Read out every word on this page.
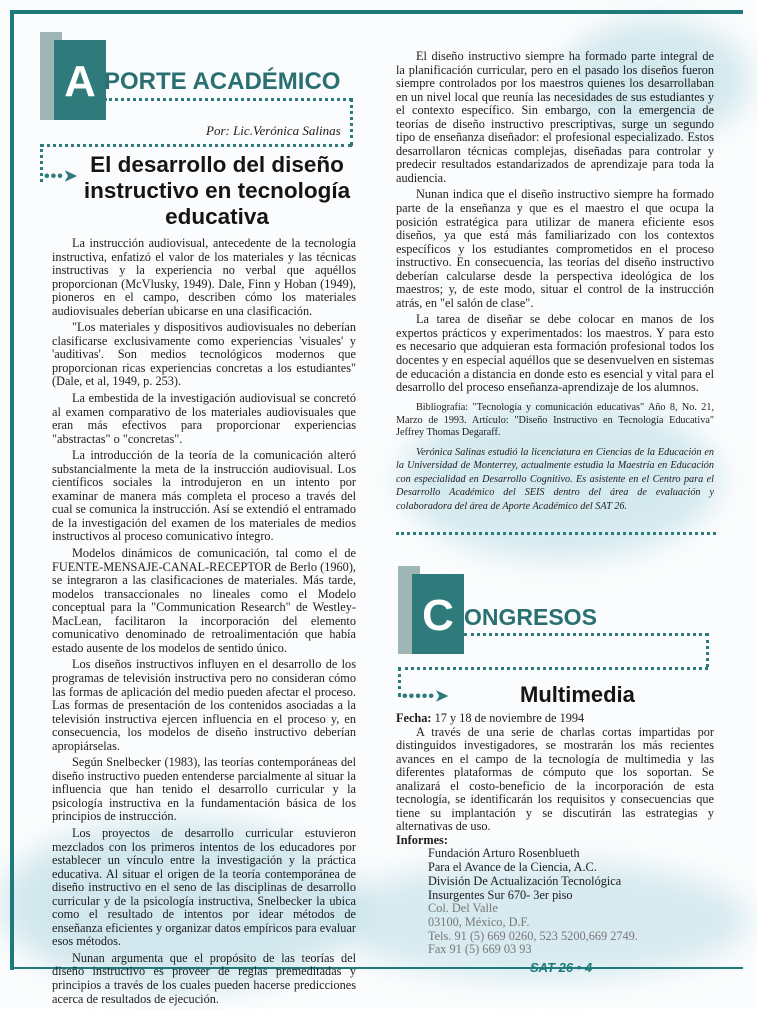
A PORTE ACADÉMICO
Por: Lic.Verónica Salinas
•••➤ El desarrollo del diseño
instructivo en tecnología
educativa

La instrucción audiovisual, antecedente de la tecnología instructiva, enfatizó el valor de los materiales y las técnicas instructivas y la experiencia no verbal que aquéllos proporcionan (McVlusky, 1949). Dale, Finn y Hoban (1949), pioneros en el campo, describen cómo los materiales audiovisuales deberían ubicarse en una clasificación.

"Los materiales y dispositivos audiovisuales no deberían clasificarse exclusivamente como experiencias 'visuales' y 'auditivas'. Son medios tecnológicos modernos que proporcionan ricas experiencias concretas a los estudiantes" (Dale, et al, 1949, p. 253).

La embestida de la investigación audiovisual se concretó al examen comparativo de los materiales audiovisuales que eran más efectivos para proporcionar experiencias "abstractas" o "concretas".

La introducción de la teoría de la comunicación alteró substancialmente la meta de la instrucción audiovisual. Los científicos sociales la introdujeron en un intento por examinar de manera más completa el proceso a través del cual se comunica la instrucción. Así se extendió el entramado de la investigación del examen de los materiales de medios instructivos al proceso comunicativo íntegro.

Modelos dinámicos de comunicación, tal como el de FUENTE-MENSAJE-CANAL-RECEPTOR de Berlo (1960), se integraron a las clasificaciones de materiales. Más tarde, modelos transaccionales no lineales como el Modelo conceptual para la "Communication Research" de Westley-MacLean, facilitaron la incorporación del elemento comunicativo denominado de retroalimentación que había estado ausente de los modelos de sentido único.

Los diseños instructivos influyen en el desarrollo de los programas de televisión instructiva pero no consideran cómo las formas de aplicación del medio pueden afectar el proceso. Las formas de presentación de los contenidos asociadas a la televisión instructiva ejercen influencia en el proceso y, en consecuencia, los modelos de diseño instructivo deberían apropiárselas.

Según Snelbecker (1983), las teorías contemporáneas del diseño instructivo pueden entenderse parcialmente al situar la influencia que han tenido el desarrollo curricular y la psicología instructiva en la fundamentación básica de los principios de instrucción.

Los proyectos de desarrollo curricular estuvieron mezclados con los primeros intentos de los educadores por establecer un vínculo entre la investigación y la práctica educativa. Al situar el origen de la teoría contemporánea de diseño instructivo en el seno de las disciplinas de desarrollo curricular y de la psicología instructiva, Snelbecker la ubica como el resultado de intentos por idear métodos de enseñanza eficientes y organizar datos empíricos para evaluar esos métodos.

Nunan argumenta que el propósito de las teorías del diseño instructivo es proveer de reglas premeditadas y principios a través de los cuales pueden hacerse predicciones acerca de resultados de ejecución.

El diseño instructivo siempre ha formado parte integral de la planificación curricular, pero en el pasado los diseños fueron siempre controlados por los maestros quienes los desarrollaban en un nivel local que reunía las necesidades de sus estudiantes y el contexto específico. Sin embargo, con la emergencia de teorías de diseño instructivo prescriptivas, surge un segundo tipo de enseñanza diseñador: el profesional especializado. Estos desarrollaron técnicas complejas, diseñadas para controlar y predecir resultados estandarizados de aprendizaje para toda la audiencia.

Nunan indica que el diseño instructivo siempre ha formado parte de la enseñanza y que es el maestro el que ocupa la posición estratégica para utilizar de manera eficiente esos diseños, ya que está más familiarizado con los contextos específicos y los estudiantes comprometidos en el proceso instructivo. En consecuencia, las teorías del diseño instructivo deberían calcularse desde la perspectiva ideológica de los maestros; y, de este modo, situar el control de la instrucción atrás, en "el salón de clase".

La tarea de diseñar se debe colocar en manos de los expertos prácticos y experimentados: los maestros. Y para esto es necesario que adquieran esta formación profesional todos los docentes y en especial aquéllos que se desenvuelven en sistemas de educación a distancia en donde esto es esencial y vital para el desarrollo del proceso enseñanza-aprendizaje de los alumnos.

Bibliografía: "Tecnología y comunicación educativas" Año 8, No. 21, Marzo de 1993. Artículo: "Diseño Instructivo en Tecnología Educativa" Jeffrey Thomas Degaraff.
Verónica Salinas estudió la licenciatura en Ciencias de la Educación en la Universidad de Monterrey, actualmente estudia la Maestría en Educación con especialidad en Desarrollo Cognitivo. Es asistente en el Centro para el Desarrollo Académico del SEIS dentro del área de evaluación y colaboradora del área de Aporte Académico del SAT 26.
C ONGRESOS
•••••➤	Multimedia
Fecha: 17 y 18 de noviembre de 1994

A través de una serie de charlas cortas impartidas por distinguidos investigadores, se mostrarán los más recientes avances en el campo de la tecnología de multimedia y las diferentes plataformas de cómputo que los soportan. Se analizará el costo-beneficio de la incorporación de esta tecnología, se identificarán los requisitos y consecuencias que tiene su implantación y se discutirán las estrategias y alternativas de uso.

Informes:
Fundación Arturo Rosenblueth
Para el Avance de la Ciencia, A.C.
División De Actualización Tecnológica
Insurgentes Sur 670- 3er piso
Col. Del Valle
03100, México, D.F.
Tels. 91 (5) 669 0260, 523 5200,669 2749.
Fax 91 (5) 669 03 93
SAT 26 • 4
